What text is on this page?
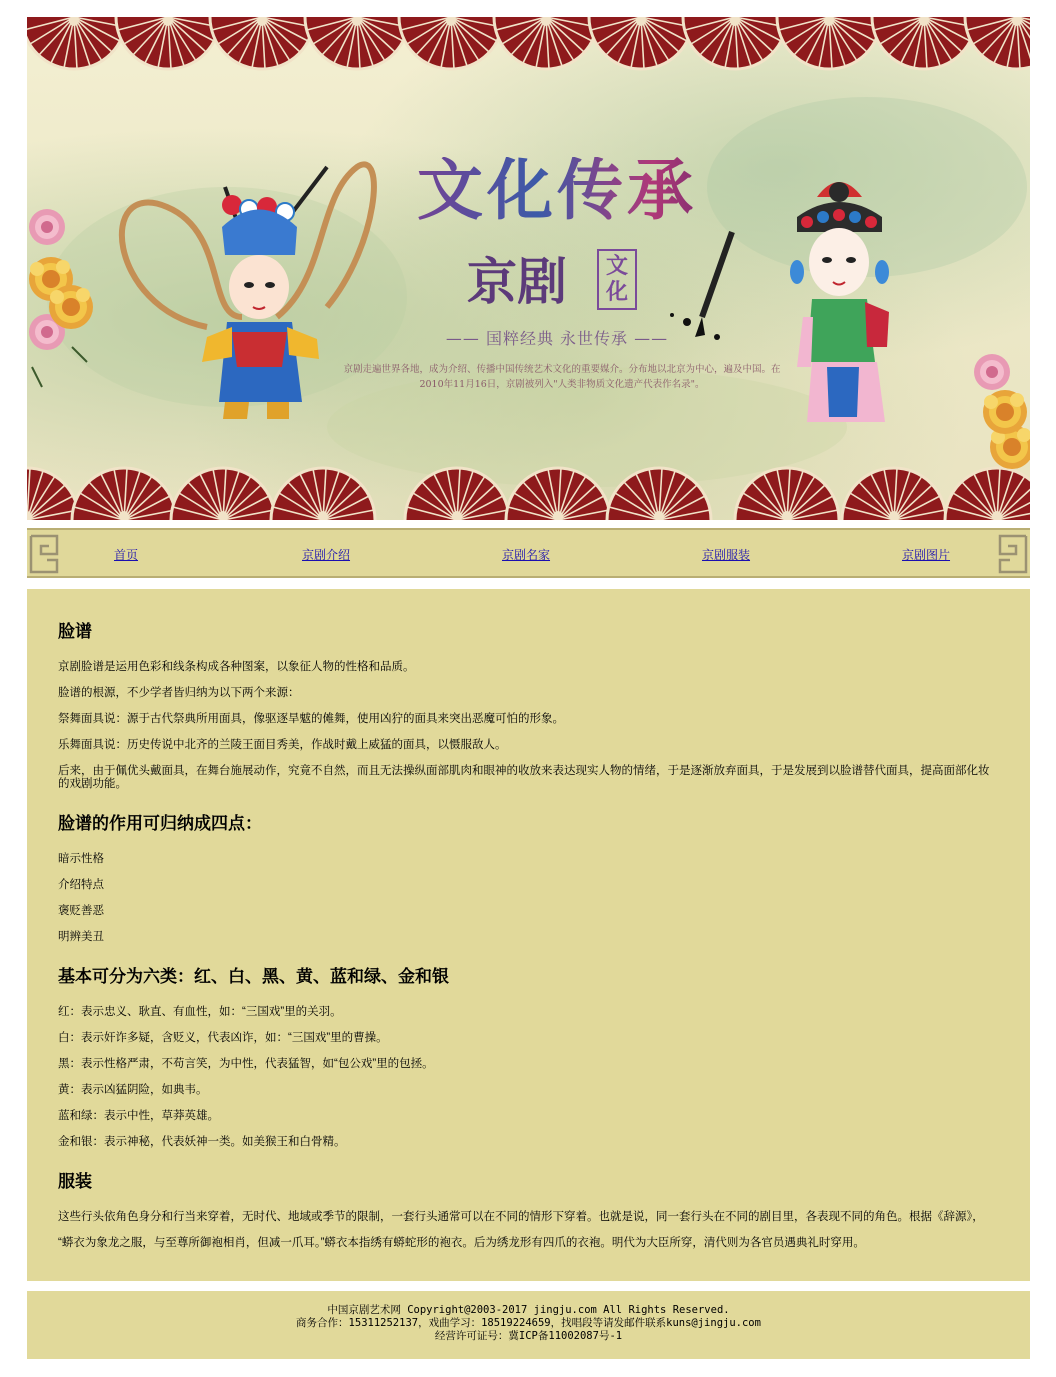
文化传承
京剧	文化
—— 国粹经典 永世传承 ——
京剧走遍世界各地，成为介绍、传播中国传统艺术文化的重要媒介。分布地以北京为中心，遍及中国。在2010年11月16日，京剧被列入"人类非物质文化遗产代表作名录"。
首页	京剧介绍	京剧名家	京剧服装	京剧图片
脸谱

京剧脸谱是运用色彩和线条构成各种图案，以象征人物的性格和品质。

脸谱的根源，不少学者皆归纳为以下两个来源：

祭舞面具说：源于古代祭典所用面具，像驱逐旱魃的傩舞，使用凶狞的面具来突出恶魔可怕的形象。

乐舞面具说：历史传说中北齐的兰陵王面目秀美，作战时戴上威猛的面具，以慑服敌人。

后来，由于佩优头戴面具，在舞台施展动作，究竟不自然，而且无法操纵面部肌肉和眼神的收放来表达现实人物的情绪，于是逐渐放弃面具，于是发展到以脸谱替代面具，提高面部化妆的戏剧功能。

脸谱的作用可归纳成四点：

暗示性格

介绍特点

褒贬善恶

明辨美丑

基本可分为六类：红、白、黑、黄、蓝和绿、金和银

红：表示忠义、耿直、有血性，如：“三国戏”里的关羽。

白：表示奸诈多疑，含贬义，代表凶诈，如：“三国戏”里的曹操。

黑：表示性格严肃，不苟言笑，为中性，代表猛智，如“包公戏”里的包拯。

黄：表示凶猛阴险，如典韦。

蓝和绿：表示中性，草莽英雄。

金和银：表示神秘，代表妖神一类。如美猴王和白骨精。

服装

这些行头依角色身分和行当来穿着，无时代、地域或季节的限制，一套行头通常可以在不同的情形下穿着。也就是说，同一套行头在不同的剧目里，各表现不同的角色。根据《辞源》，

“蟒衣为象龙之服，与至尊所御袍相肖，但减一爪耳。”蟒衣本指绣有蟒蛇形的袍衣。后为绣龙形有四爪的衣袍。明代为大臣所穿，清代则为各官员遇典礼时穿用。

中国京剧艺术网 Copyright@2003-2017 jingju.com All Rights Reserved.
商务合作：15311252137，戏曲学习：18519224659，找唱段等请发邮件联系kuns@jingju.com
经营许可证号：冀ICP备11002087号-1
